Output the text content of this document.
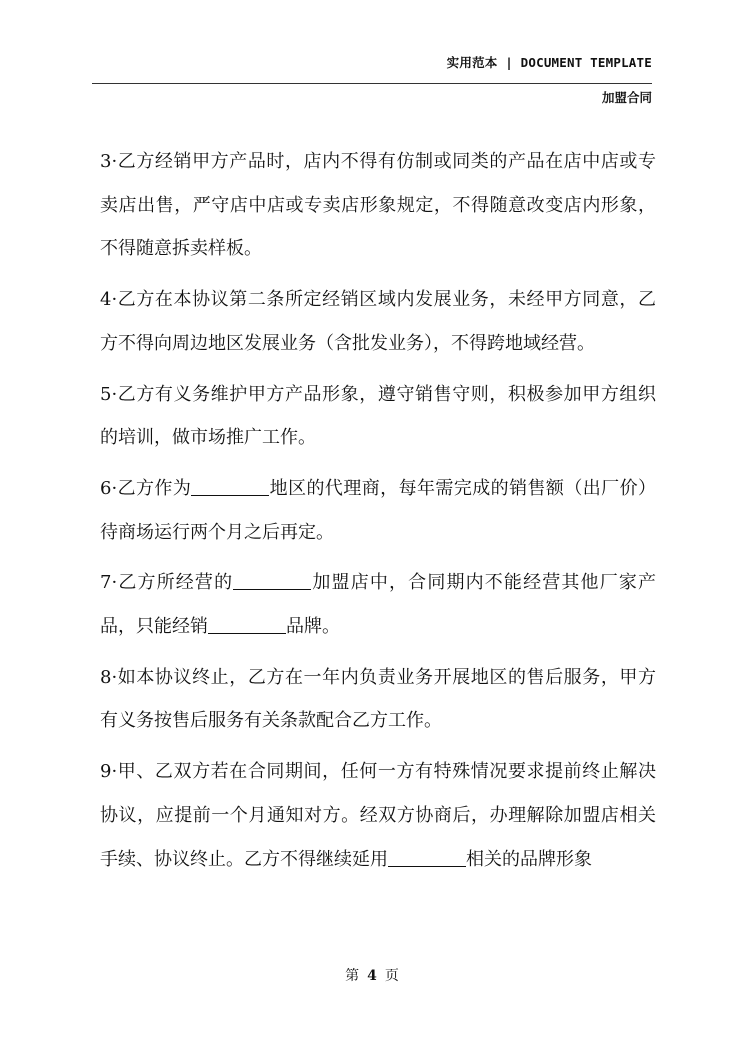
实用范本 | DOCUMENT TEMPLATE
加盟合同

3·乙方经销甲方产品时，店内不得有仿制或同类的产品在店中店或专卖店出售，严守店中店或专卖店形象规定，不得随意改变店内形象，不得随意拆卖样板。

4·乙方在本协议第二条所定经销区域内发展业务，未经甲方同意，乙方不得向周边地区发展业务（含批发业务），不得跨地域经营。

5·乙方有义务维护甲方产品形象，遵守销售守则，积极参加甲方组织的培训，做市场推广工作。

6·乙方作为	地区的代理商，每年需完成的销售额（出厂价）待商场运行两个月之后再定。

7·乙方所经营的	加盟店中，合同期内不能经营其他厂家产品，只能经销	品牌。

8·如本协议终止，乙方在一年内负责业务开展地区的售后服务，甲方有义务按售后服务有关条款配合乙方工作。

9·甲、乙双方若在合同期间，任何一方有特殊情况要求提前终止解决协议，应提前一个月通知对方。经双方协商后，办理解除加盟店相关手续、协议终止。乙方不得继续延用	相关的品牌形象

第 4 页
